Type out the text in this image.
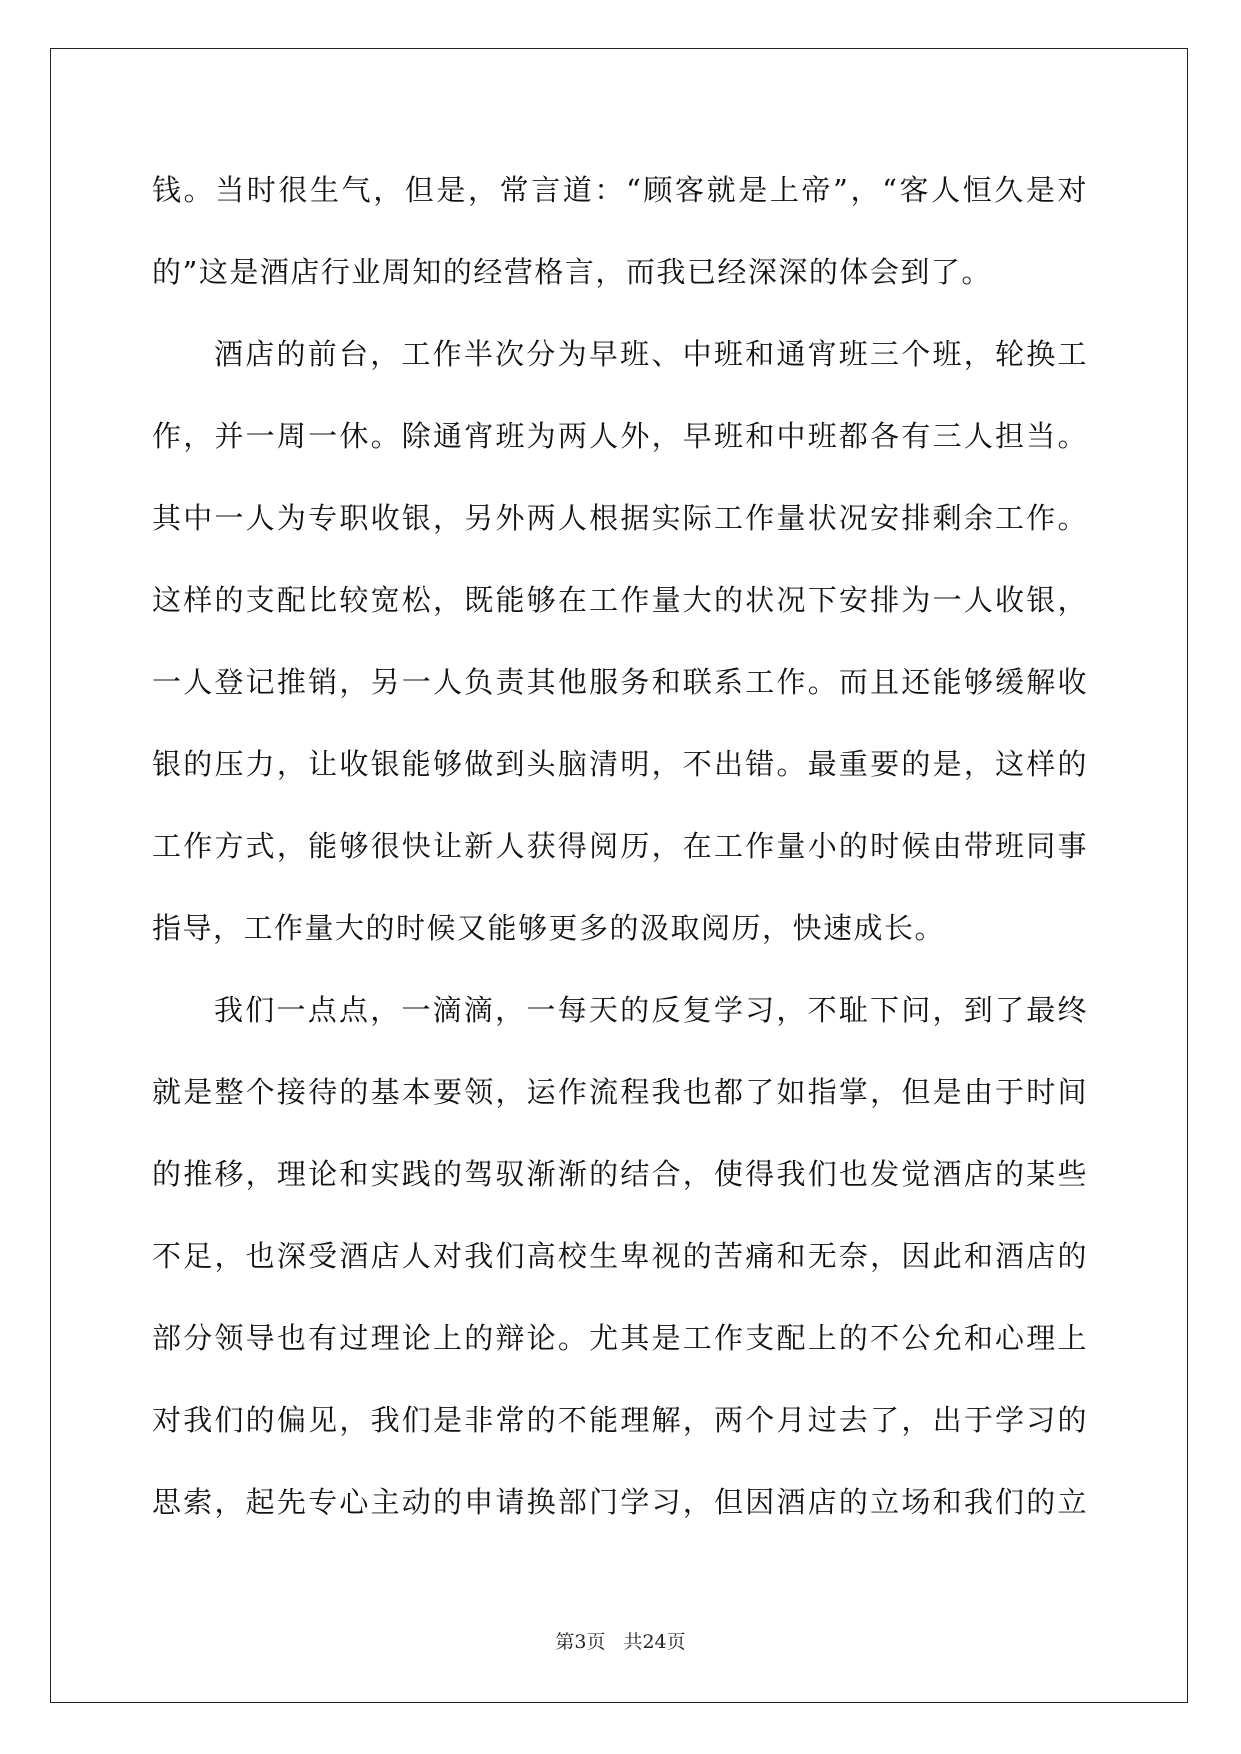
钱。当时很生气，但是，常言道：“顾客就是上帝”，“客人恒久是对
的”这是酒店行业周知的经营格言，而我已经深深的体会到了。
酒店的前台，工作半次分为早班、中班和通宵班三个班，轮换工
作，并一周一休。除通宵班为两人外，早班和中班都各有三人担当。
其中一人为专职收银，另外两人根据实际工作量状况安排剩余工作。
这样的支配比较宽松，既能够在工作量大的状况下安排为一人收银，
一人登记推销，另一人负责其他服务和联系工作。而且还能够缓解收
银的压力，让收银能够做到头脑清明，不出错。最重要的是，这样的
工作方式，能够很快让新人获得阅历，在工作量小的时候由带班同事
指导，工作量大的时候又能够更多的汲取阅历，快速成长。
我们一点点，一滴滴，一每天的反复学习，不耻下问，到了最终
就是整个接待的基本要领，运作流程我也都了如指掌，但是由于时间
的推移，理论和实践的驾驭渐渐的结合，使得我们也发觉酒店的某些
不足，也深受酒店人对我们高校生卑视的苦痛和无奈，因此和酒店的
部分领导也有过理论上的辩论。尤其是工作支配上的不公允和心理上
对我们的偏见，我们是非常的不能理解，两个月过去了，出于学习的
思索，起先专心主动的申请换部门学习，但因酒店的立场和我们的立
第3页 共24页
